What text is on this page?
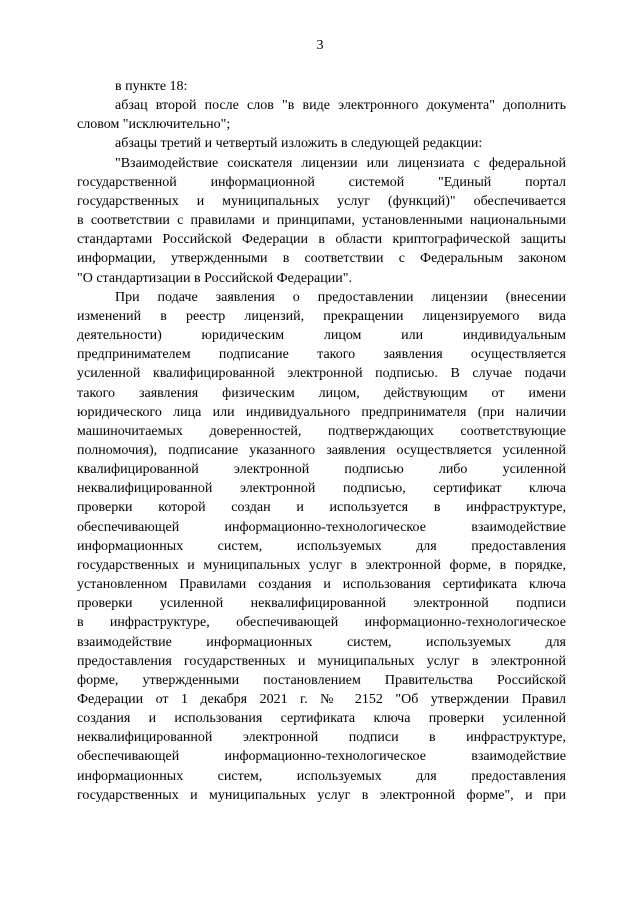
3
в пункте 18:
абзац второй после слов "в виде электронного документа" дополнить
словом "исключительно";
абзацы третий и четвертый изложить в следующей редакции:
"Взаимодействие соискателя лицензии или лицензиата с федеральной
государственной информационной системой "Единый портал
государственных и муниципальных услуг (функций)" обеспечивается
в соответствии с правилами и принципами, установленными национальными
стандартами Российской Федерации в области криптографической защиты
информации, утвержденными в соответствии с Федеральным законом
"О стандартизации в Российской Федерации".
При подаче заявления о предоставлении лицензии (внесении
изменений в реестр лицензий, прекращении лицензируемого вида
деятельности) юридическим лицом или индивидуальным
предпринимателем подписание такого заявления осуществляется
усиленной квалифицированной электронной подписью. В случае подачи
такого заявления физическим лицом, действующим от имени
юридического лица или индивидуального предпринимателя (при наличии
машиночитаемых доверенностей, подтверждающих соответствующие
полномочия), подписание указанного заявления осуществляется усиленной
квалифицированной электронной подписью либо усиленной
неквалифицированной электронной подписью, сертификат ключа
проверки которой создан и используется в инфраструктуре,
обеспечивающей информационно-технологическое взаимодействие
информационных систем, используемых для предоставления
государственных и муниципальных услуг в электронной форме, в порядке,
установленном Правилами создания и использования сертификата ключа
проверки усиленной неквалифицированной электронной подписи
в инфраструктуре, обеспечивающей информационно-технологическое
взаимодействие информационных систем, используемых для
предоставления государственных и муниципальных услуг в электронной
форме, утвержденными постановлением Правительства Российской
Федерации от 1 декабря 2021 г. № 2152 "Об утверждении Правил
создания и использования сертификата ключа проверки усиленной
неквалифицированной электронной подписи в инфраструктуре,
обеспечивающей информационно-технологическое взаимодействие
информационных систем, используемых для предоставления
государственных и муниципальных услуг в электронной форме", и при
